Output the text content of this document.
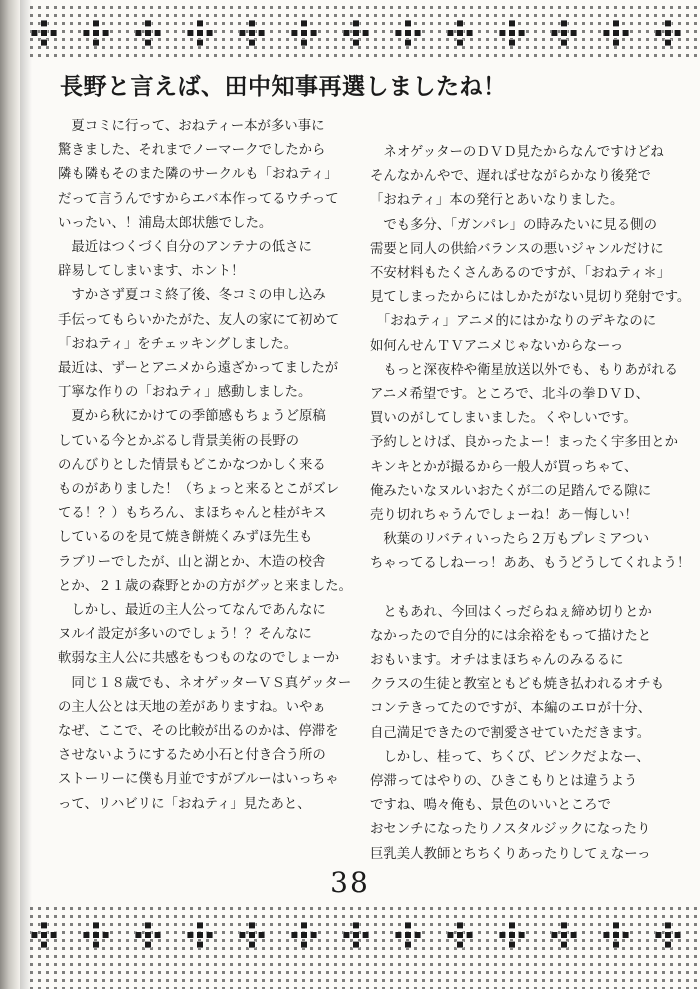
長野と言えば、田中知事再選しましたね！

　夏コミに行って、おねティー本が多い事に

驚きました、それまでノーマークでしたから

隣も隣もそのまた隣のサークルも「おねティ」

だって言うんですからエバ本作ってるウチって

いったい、！浦島太郎状態でした。

　最近はつくづく自分のアンテナの低さに

辟易してしまいます、ホント！

　すかさず夏コミ終了後、冬コミの申し込み

手伝ってもらいかたがた、友人の家にて初めて

「おねティ」をチェッキングしました。

最近は、ずーとアニメから遠ざかってましたが

丁寧な作りの「おねティ」感動しました。

　夏から秋にかけての季節感もちょうど原稿

している今とかぶるし背景美術の長野の

のんびりとした情景もどこかなつかしく来る

ものがありました！（ちょっと来るとこがズレ

てる！？）もちろん、まほちゃんと桂がキス

しているのを見て焼き餅焼くみずほ先生も

ラブリーでしたが、山と湖とか、木造の校舎

とか、２１歳の森野とかの方がグッと来ました。

　しかし、最近の主人公ってなんであんなに

ヌルイ設定が多いのでしょう！？そんなに

軟弱な主人公に共感をもつものなのでしょーか

　同じ１８歳でも、ネオゲッターＶＳ真ゲッター

の主人公とは天地の差がありますね。いやぁ

なぜ、ここで、その比較が出るのかは、停滞を

させないようにするため小石と付き合う所の

ストーリーに僕も月並ですがブルーはいっちゃ

って、リハビリに「おねティ」見たあと、

　ネオゲッターのＤＶＤ見たからなんですけどね

そんなかんやで、遅ればせながらかなり後発で

「おねティ」本の発行とあいなりました。

　でも多分、「ガンパレ」の時みたいに見る側の

需要と同人の供給バランスの悪いジャンルだけに

不安材料もたくさんあるのですが、「おねティ＊」

見てしまったからにはしかたがない見切り発射です。

　「おねティ」アニメ的にはかなりのデキなのに

如何んせんＴＶアニメじゃないからなーっ

　もっと深夜枠や衛星放送以外でも、もりあがれる

アニメ希望です。ところで、北斗の拳ＤＶＤ、

買いのがしてしまいました。くやしいです。

予約しとけば、良かったよー！まったく宇多田とか

キンキとかが撮るから一般人が買っちゃて、

俺みたいなヌルいおたくが二の足踏んでる隙に

売り切れちゃうんでしょーね！あ－悔しい！

　秋葉のリバティいったら２万もプレミアつい

ちゃってるしねーっ！ああ、もうどうしてくれよう！

　ともあれ、今回はくっだらねぇ締め切りとか

なかったので自分的には余裕をもって描けたと

おもいます。オチはまほちゃんのみるるに

クラスの生徒と教室ともども焼き払われるオチも

コンテきってたのですが、本編のエロが十分、

自己満足できたので割愛させていただきます。

　しかし、桂って、ちくび、ピンクだよなー、

停滞ってはやりの、ひきこもりとは違うよう

ですね、鳴々俺も、景色のいいところで

おセンチになったりノスタルジックになったり

巨乳美人教師とちちくりあったりしてぇなーっ

38
